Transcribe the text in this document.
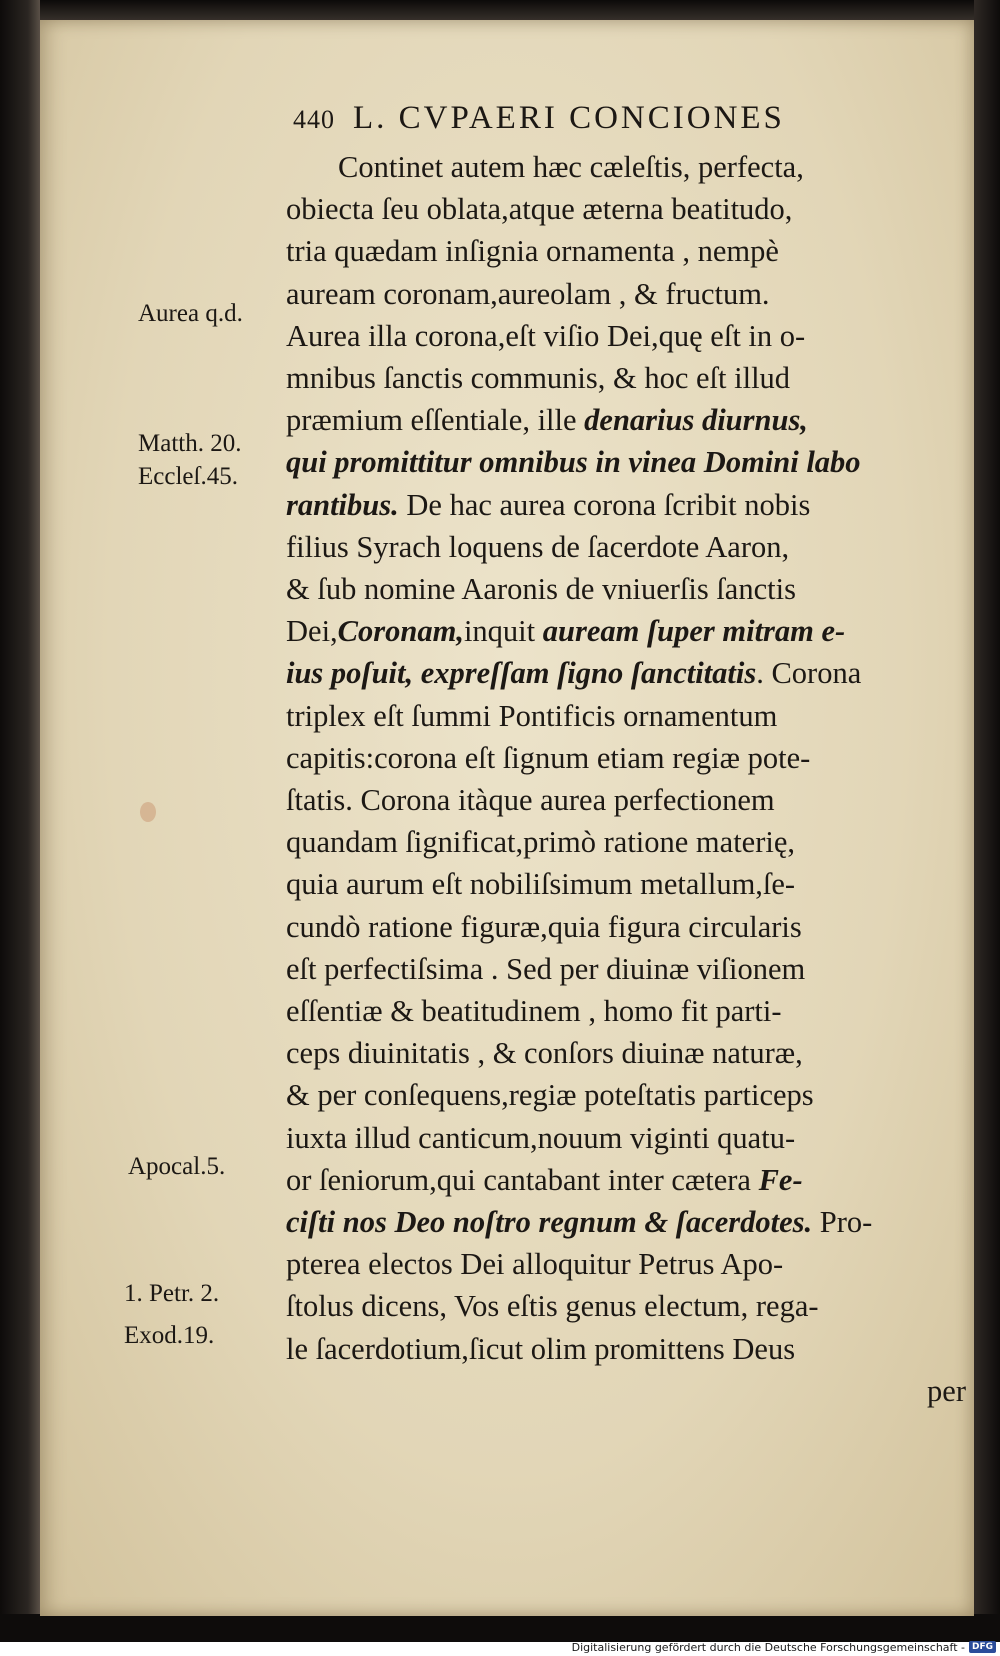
440 L. CVPAERI CONCIONES
Continet autem hæc cæleſtis, perfecta,
obiecta ſeu oblata,atque æterna beatitudo,
tria quædam inſignia ornamenta , nempè
auream coronam,aureolam , & fructum.
Aurea illa corona,eſt viſio Dei,quę eſt in o-
mnibus ſanctis communis, & hoc eſt illud
præmium eſſentiale, ille denarius diurnus,
qui promittitur omnibus in vinea Domini labo
rantibus. De hac aurea corona ſcribit nobis
filius Syrach loquens de ſacerdote Aaron,
& ſub nomine Aaronis de vniuerſis ſanctis
Dei,Coronam,inquit auream ſuper mitram e-
ius poſuit, expreſſam ſigno ſanctitatis. Corona
triplex eſt ſummi Pontificis ornamentum
capitis:corona eſt ſignum etiam regiæ pote-
ſtatis. Corona itàque aurea perfectionem
quandam ſignificat,primò ratione materię,
quia aurum eſt nobiliſsimum metallum,ſe-
cundò ratione figuræ,quia figura circularis
eſt perfectiſsima . Sed per diuinæ viſionem
eſſentiæ & beatitudinem , homo fit parti-
ceps diuinitatis , & conſors diuinæ naturæ,
& per conſequens,regiæ poteſtatis particeps
iuxta illud canticum,nouum viginti quatu-
or ſeniorum,qui cantabant inter cætera Fe-
ciſti nos Deo noſtro regnum & ſacerdotes. Pro-
pterea electos Dei alloquitur Petrus Apo-
ſtolus dicens, Vos eſtis genus electum, rega-
le ſacerdotium,ſicut olim promittens Deus
per
Aurea q.d.
Matth. 20.
Eccleſ.45.
Apocal.5.
1. Petr. 2.
Exod.19.
Digitalisierung gefördert durch die Deutsche Forschungsgemeinschaft - DFG
